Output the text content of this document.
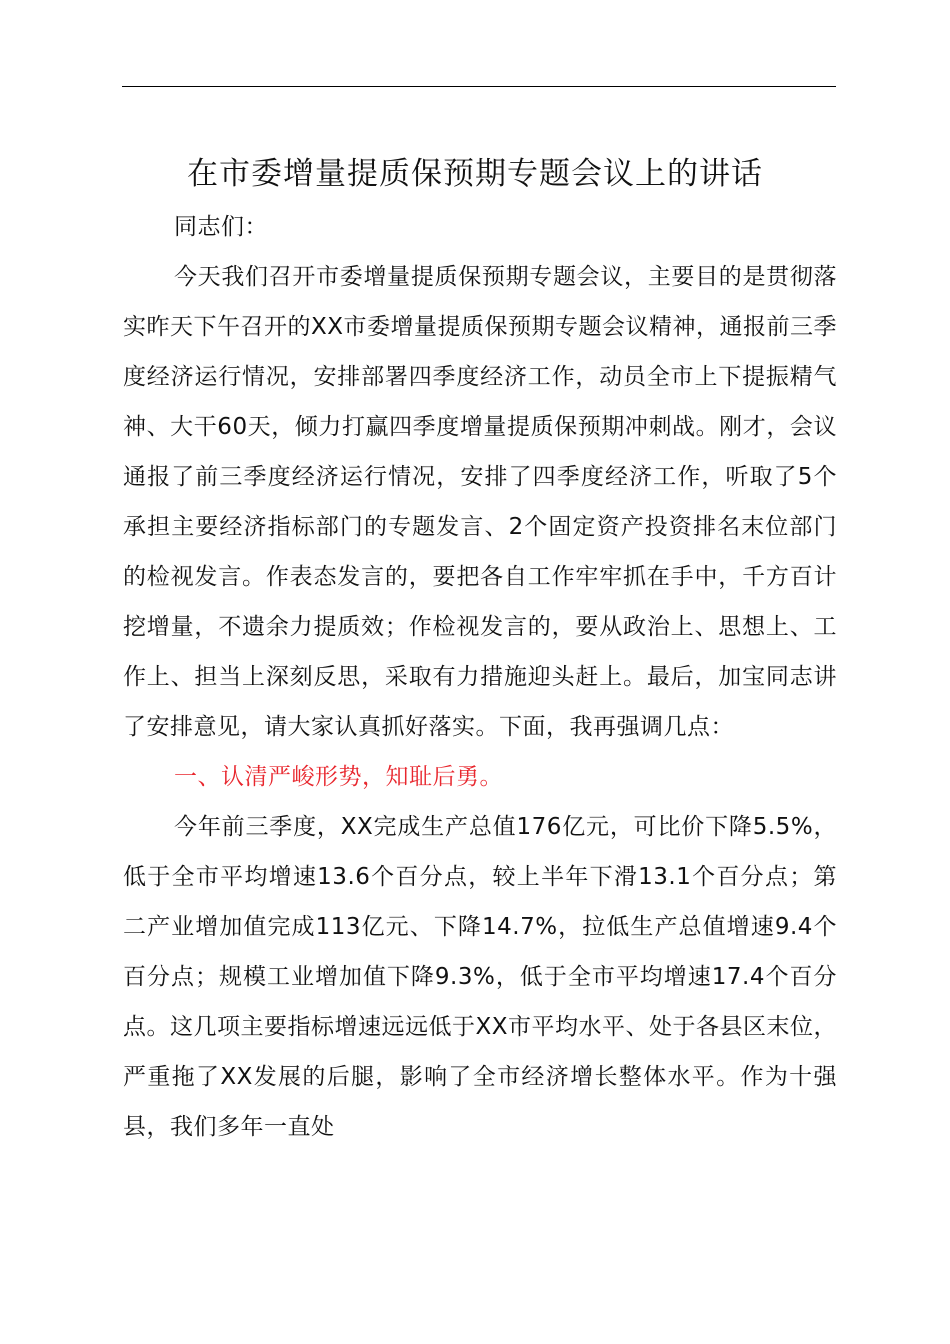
在市委增量提质保预期专题会议上的讲话

同志们：

今天我们召开市委增量提质保预期专题会议，主要目的是贯彻落实昨天下午召开的XX市委增量提质保预期专题会议精神，通报前三季度经济运行情况，安排部署四季度经济工作，动员全市上下提振精气神、大干60天，倾力打赢四季度增量提质保预期冲刺战。刚才，会议通报了前三季度经济运行情况，安排了四季度经济工作，听取了5个承担主要经济指标部门的专题发言、2个固定资产投资排名末位部门的检视发言。作表态发言的，要把各自工作牢牢抓在手中，千方百计挖增量，不遗余力提质效；作检视发言的，要从政治上、思想上、工作上、担当上深刻反思，采取有力措施迎头赶上。最后，加宝同志讲了安排意见，请大家认真抓好落实。下面，我再强调几点：

一、认清严峻形势，知耻后勇。

今年前三季度，XX完成生产总值176亿元，可比价下降5.5%，低于全市平均增速13.6个百分点，较上半年下滑13.1个百分点；第二产业增加值完成113亿元、下降14.7%，拉低生产总值增速9.4个百分点；规模工业增加值下降9.3%，低于全市平均增速17.4个百分点。这几项主要指标增速远远低于XX市平均水平、处于各县区末位，严重拖了XX发展的后腿，影响了全市经济增长整体水平。作为十强县，我们多年一直处
